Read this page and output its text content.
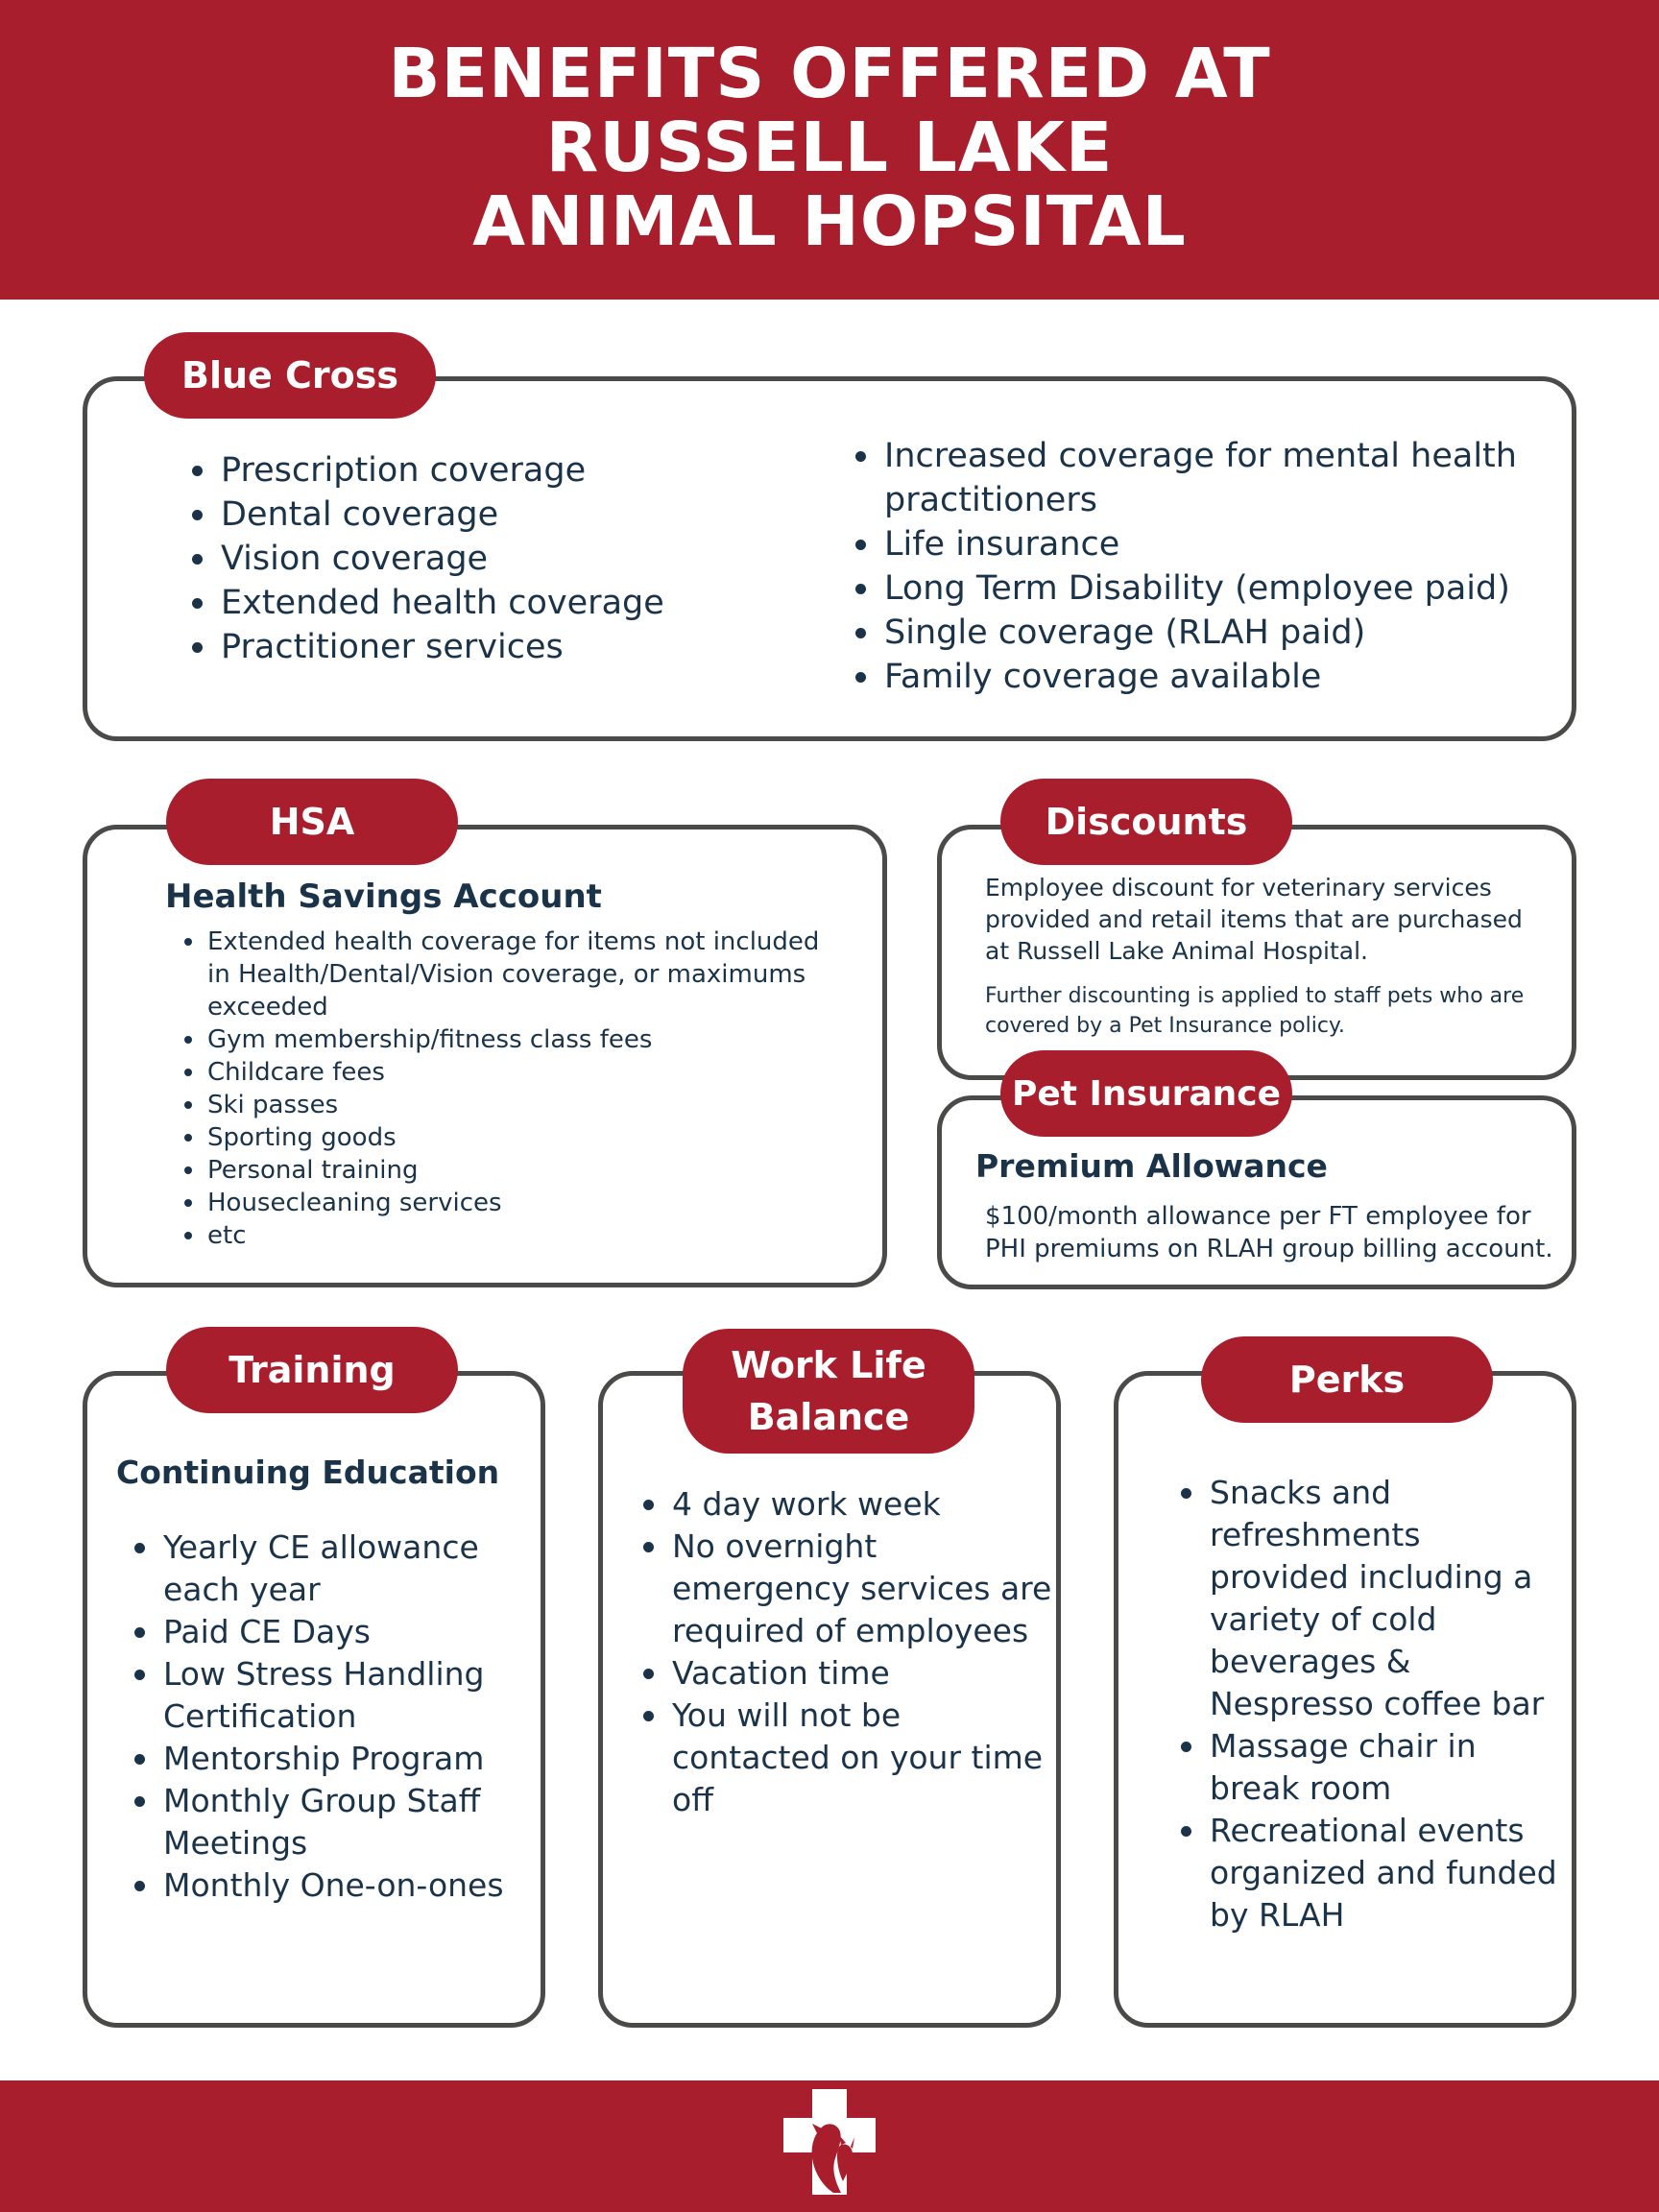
BENEFITS OFFERED AT
RUSSELL LAKE
ANIMAL HOPSITAL
Blue Cross
Prescription coverage
Dental coverage
Vision coverage
Extended health coverage
Practitioner services
Increased coverage for mental health practitioners
Life insurance
Long Term Disability (employee paid)
Single coverage (RLAH paid)
Family coverage available
HSA
Health Savings Account
Extended health coverage for items not included in Health/Dental/Vision coverage, or maximums exceeded
Gym membership/fitness class fees
Childcare fees
Ski passes
Sporting goods
Personal training
Housecleaning services
etc
Discounts
Employee discount for veterinary services provided and retail items that are purchased at Russell Lake Animal Hospital.
Further discounting is applied to staff pets who are covered by a Pet Insurance policy.
Pet Insurance
Premium Allowance
$100/month allowance per FT employee for PHI premiums on RLAH group billing account.
Training
Continuing Education
Yearly CE allowance each year
Paid CE Days
Low Stress Handling Certification
Mentorship Program
Monthly Group Staff Meetings
Monthly One-on-ones
Work Life
Balance
4 day work week
No overnight emergency services are required of employees
Vacation time
You will not be contacted on your time off
Perks
Snacks and refreshments provided including a variety of cold beverages & Nespresso coffee bar
Massage chair in break room
Recreational events organized and funded by RLAH
